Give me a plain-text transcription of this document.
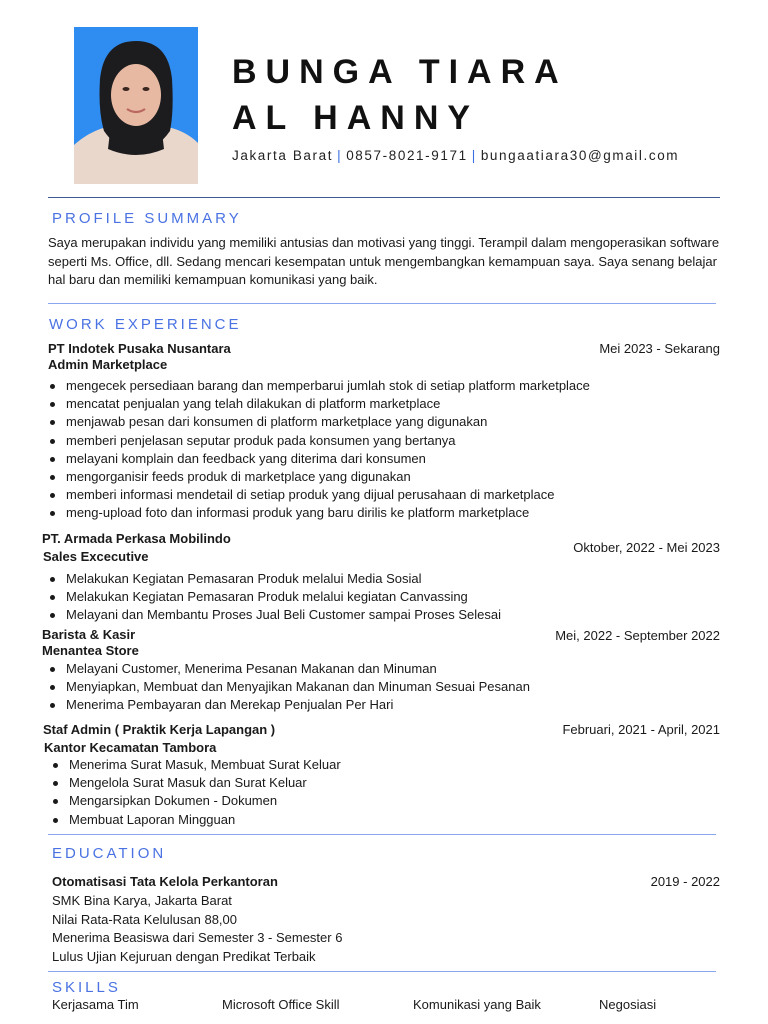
BUNGA TIARA
AL HANNY
Jakarta Barat | 0857-8021-9171 | bungaatiara30@gmail.com
PROFILE SUMMARY
Saya merupakan individu yang memiliki antusias dan motivasi yang tinggi. Terampil dalam mengoperasikan software seperti Ms. Office, dll. Sedang mencari kesempatan untuk mengembangkan kemampuan saya. Saya senang belajar hal baru dan memiliki kemampuan komunikasi yang baik.
WORK EXPERIENCE
PT Indotek Pusaka Nusantara
Admin Marketplace
Mei 2023 - Sekarang
mengecek persediaan barang dan memperbarui jumlah stok di setiap platform marketplace
mencatat penjualan yang telah dilakukan di platform marketplace
menjawab pesan dari konsumen di platform marketplace yang digunakan
memberi penjelasan seputar produk pada konsumen yang bertanya
melayani komplain dan feedback yang diterima dari konsumen
mengorganisir feeds produk di marketplace yang digunakan
memberi informasi mendetail di setiap produk yang dijual perusahaan di marketplace
meng-upload foto dan informasi produk yang baru dirilis ke platform marketplace
PT. Armada Perkasa Mobilindo
Sales Excecutive
Oktober, 2022 - Mei 2023
Melakukan Kegiatan Pemasaran Produk melalui Media Sosial
Melakukan Kegiatan Pemasaran Produk melalui kegiatan Canvassing
Melayani dan Membantu Proses Jual Beli Customer sampai Proses Selesai
Barista & Kasir
Menantea Store
Mei, 2022 - September 2022
Melayani Customer, Menerima Pesanan Makanan dan Minuman
Menyiapkan, Membuat dan Menyajikan Makanan dan Minuman Sesuai Pesanan
Menerima Pembayaran dan Merekap Penjualan Per Hari
Staf Admin ( Praktik Kerja Lapangan )
Kantor Kecamatan Tambora
Februari, 2021 - April, 2021
Menerima Surat Masuk, Membuat Surat Keluar
Mengelola Surat Masuk dan Surat Keluar
Mengarsipkan Dokumen - Dokumen
Membuat Laporan Mingguan
EDUCATION
Otomatisasi Tata Kelola Perkantoran	2019 - 2022
SMK Bina Karya, Jakarta Barat
Nilai Rata-Rata Kelulusan 88,00
Menerima Beasiswa dari Semester 3 - Semester 6
Lulus Ujian Kejuruan dengan Predikat Terbaik
SKILLS
Kerjasama Tim	Microsoft Office Skill	Komunikasi yang Baik	Negosiasi
